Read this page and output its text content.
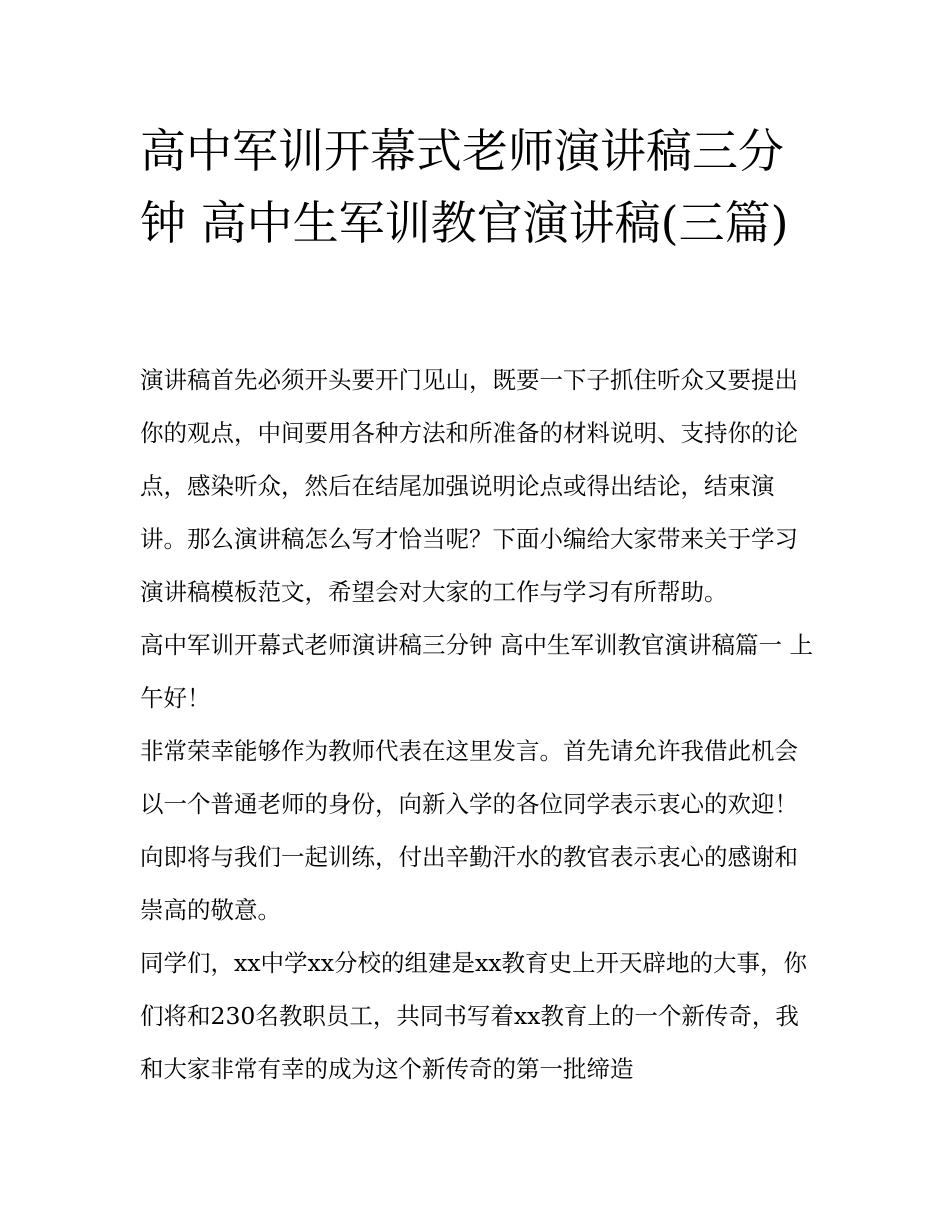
高中军训开幕式老师演讲稿三分钟 高中生军训教官演讲稿(三篇)

演讲稿首先必须开头要开门见山，既要一下子抓住听众又要提出你的观点，中间要用各种方法和所准备的材料说明、支持你的论点，感染听众，然后在结尾加强说明论点或得出结论，结束演讲。那么演讲稿怎么写才恰当呢？下面小编给大家带来关于学习演讲稿模板范文，希望会对大家的工作与学习有所帮助。

高中军训开幕式老师演讲稿三分钟 高中生军训教官演讲稿篇一 上午好！

非常荣幸能够作为教师代表在这里发言。首先请允许我借此机会以一个普通老师的身份，向新入学的各位同学表示衷心的欢迎！向即将与我们一起训练，付出辛勤汗水的教官表示衷心的感谢和崇高的敬意。

同学们，xx中学xx分校的组建是xx教育史上开天辟地的大事，你们将和230名教职员工，共同书写着xx教育上的一个新传奇，我和大家非常有幸的成为这个新传奇的第一批缔造
